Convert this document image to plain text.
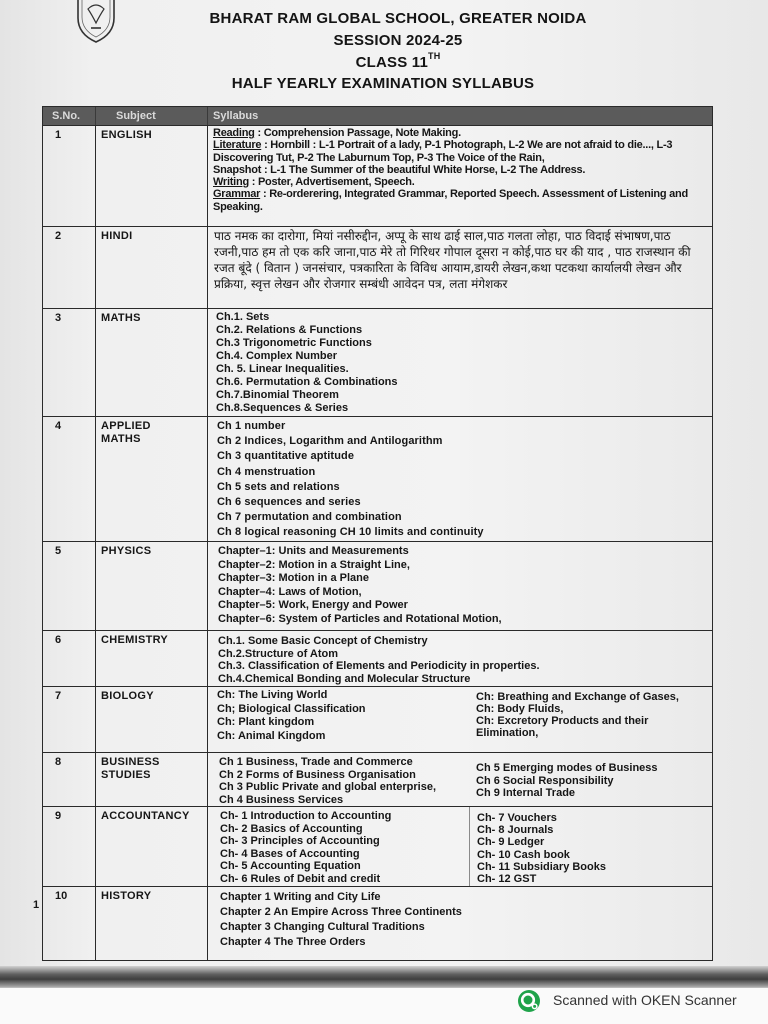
BHARAT RAM GLOBAL SCHOOL, GREATER NOIDA
SESSION 2024-25
CLASS 11TH
HALF YEARLY EXAMINATION SYLLABUS
S.No.	Subject	Syllabus
1	ENGLISH	Reading : Comprehension Passage, Note Making.

Literature : Hornbill : L-1 Portrait of a lady, P-1 Photograph, L-2 We are not afraid to die..., L-3 Discovering Tut, P-2 The Laburnum Top, P-3 The Voice of the Rain,

Snapshot : L-1 The Summer of the beautiful White Horse, L-2 The Address.

Writing : Poster, Advertisement, Speech.

Grammar : Re-orderering, Integrated Grammar, Reported Speech. Assessment of Listening and Speaking.

2	HINDI	पाठ नमक का दारोगा, मियां नसीरुद्दीन, अप्पू के साथ ढाई साल,पाठ गलता लोहा, पाठ विदाई संभाषण,पाठ रजनी,पाठ हम तो एक करि जाना,पाठ मेरे तो गिरिधर गोपाल दूसरा न कोई,पाठ घर की याद , पाठ राजस्थान की रजत बूंदे ( वितान ) जनसंचार, पत्रकारिता के विविध आयाम,डायरी लेखन,कथा पटकथा कार्यालयी लेखन और प्रक्रिया, स्वृत्त लेखन और रोजगार सम्बंधी आवेदन पत्र, लता मंगेशकर
3	MATHS	Ch.1. Sets
Ch.2. Relations & Functions
Ch.3 Trigonometric Functions
Ch.4. Complex Number
Ch. 5. Linear Inequalities.
Ch.6. Permutation & Combinations
Ch.7.Binomial Theorem
Ch.8.Sequences & Series
4	APPLIED MATHS
Ch 1 number
Ch 2 Indices, Logarithm and Antilogarithm
Ch 3 quantitative aptitude
Ch 4 menstruation
Ch 5 sets and relations
Ch 6 sequences and series
Ch 7 permutation and combination
Ch 8 logical reasoning CH 10 limits and continuity
5	PHYSICS	Chapter–1: Units and Measurements
Chapter–2: Motion in a Straight Line,
Chapter–3: Motion in a Plane
Chapter–4: Laws of Motion,
Chapter–5: Work, Energy and Power
Chapter–6: System of Particles and Rotational Motion,
6	CHEMISTRY	Ch.1. Some Basic Concept of Chemistry
Ch.2.Structure of Atom
Ch.3. Classification of Elements and Periodicity in properties.
Ch.4.Chemical Bonding and Molecular Structure
7	BIOLOGY	Ch: The Living World
Ch; Biological Classification
Ch: Plant kingdom
Ch: Animal Kingdom
Ch: Breathing and Exchange of Gases,
Ch: Body Fluids,
Ch: Excretory Products and their Elimination,
8	BUSINESS STUDIES
Ch 1 Business, Trade and Commerce
Ch 2 Forms of Business Organisation
Ch 3 Public Private and global enterprise,
Ch 4 Business Services
Ch 5 Emerging modes of Business
Ch 6 Social Responsibility
Ch 9 Internal Trade
9	ACCOUNTANCY	Ch- 1 Introduction to Accounting
Ch- 2 Basics of Accounting
Ch- 3 Principles of Accounting
Ch- 4 Bases of Accounting
Ch- 5 Accounting Equation
Ch- 6 Rules of Debit and credit
Ch- 7 Vouchers
Ch- 8 Journals
Ch- 9 Ledger
Ch- 10 Cash book
Ch- 11 Subsidiary Books
Ch- 12 GST
10	HISTORY	Chapter 1 Writing and City Life
Chapter 2 An Empire Across Three Continents
Chapter 3 Changing Cultural Traditions
Chapter 4 The Three Orders
1
Scanned with OKEN Scanner
